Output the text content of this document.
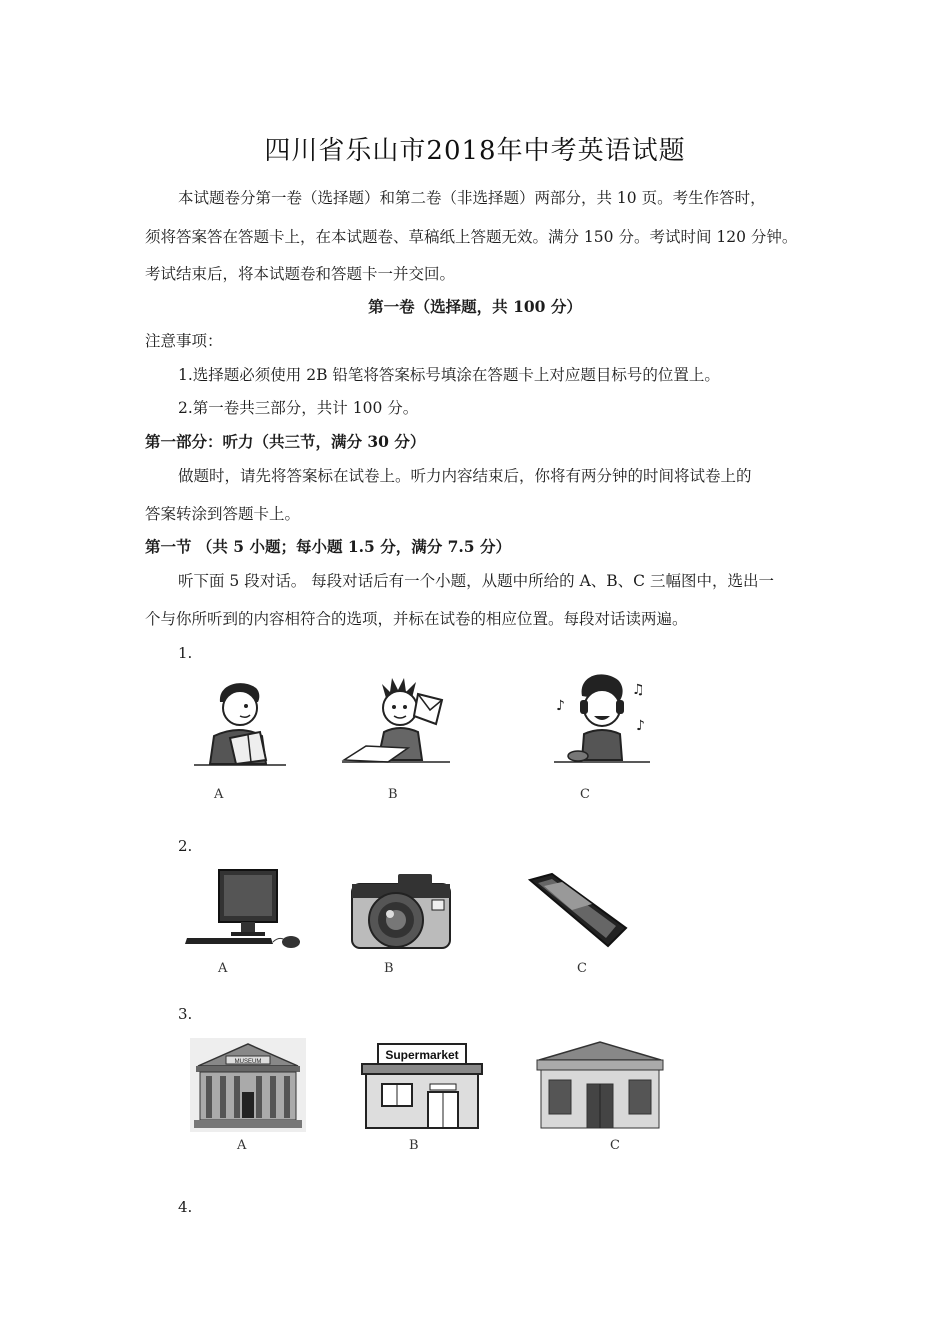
四川省乐山市2018年中考英语试题
本试题卷分第一卷（选择题）和第二卷（非选择题）两部分，共 10 页。考生作答时，
须将答案答在答题卡上，在本试题卷、草稿纸上答题无效。满分 150 分。考试时间 120 分钟。
考试结束后，将本试题卷和答题卡一并交回。
第一卷（选择题，共 100 分）
注意事项：
1.选择题必须使用 2B 铅笔将答案标号填涂在答题卡上对应题目标号的位置上。
2.第一卷共三部分，共计 100 分。
第一部分：听力（共三节，满分 30 分）
做题时，请先将答案标在试卷上。听力内容结束后，你将有两分钟的时间将试卷上的
答案转涂到答题卡上。
第一节 （共 5 小题；每小题 1.5 分，满分 7.5 分）
听下面 5 段对话。 每段对话后有一个小题，从题中所给的 A、B、C 三幅图中，选出一
个与你所听到的内容相符合的选项，并标在试卷的相应位置。每段对话读两遍。
1.
A	B
♪
♫
♪
C
2.
A	B	C
3.
MUSEUM
A
Supermarket
B	C
4.
